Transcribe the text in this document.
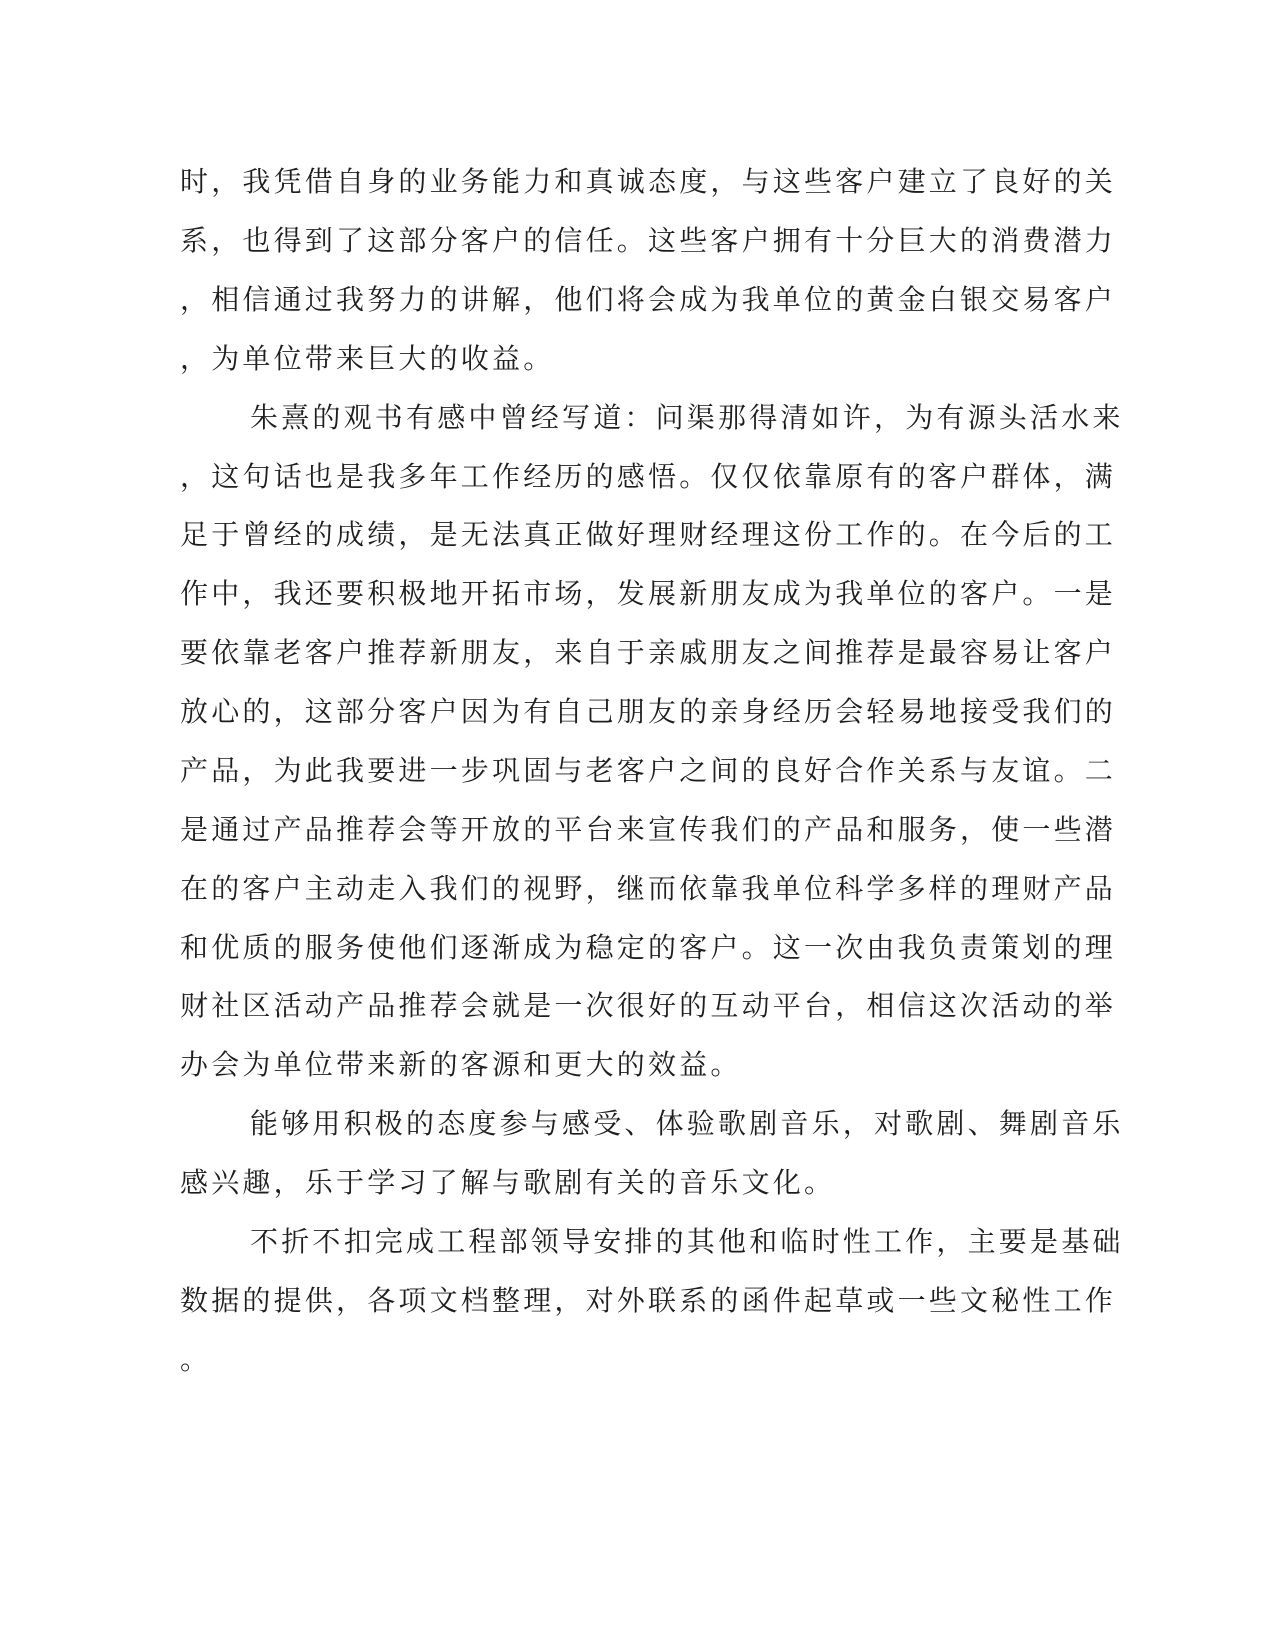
时，我凭借自身的业务能力和真诚态度，与这些客户建立了良好的关
系，也得到了这部分客户的信任。这些客户拥有十分巨大的消费潜力
，相信通过我努力的讲解，他们将会成为我单位的黄金白银交易客户
，为单位带来巨大的收益。
朱熹的观书有感中曾经写道：问渠那得清如许，为有源头活水来
，这句话也是我多年工作经历的感悟。仅仅依靠原有的客户群体，满
足于曾经的成绩，是无法真正做好理财经理这份工作的。在今后的工
作中，我还要积极地开拓市场，发展新朋友成为我单位的客户。一是
要依靠老客户推荐新朋友，来自于亲戚朋友之间推荐是最容易让客户
放心的，这部分客户因为有自己朋友的亲身经历会轻易地接受我们的
产品，为此我要进一步巩固与老客户之间的良好合作关系与友谊。二
是通过产品推荐会等开放的平台来宣传我们的产品和服务，使一些潜
在的客户主动走入我们的视野，继而依靠我单位科学多样的理财产品
和优质的服务使他们逐渐成为稳定的客户。这一次由我负责策划的理
财社区活动产品推荐会就是一次很好的互动平台，相信这次活动的举
办会为单位带来新的客源和更大的效益。
能够用积极的态度参与感受、体验歌剧音乐，对歌剧、舞剧音乐
感兴趣，乐于学习了解与歌剧有关的音乐文化。
不折不扣完成工程部领导安排的其他和临时性工作，主要是基础
数据的提供，各项文档整理，对外联系的函件起草或一些文秘性工作
。
